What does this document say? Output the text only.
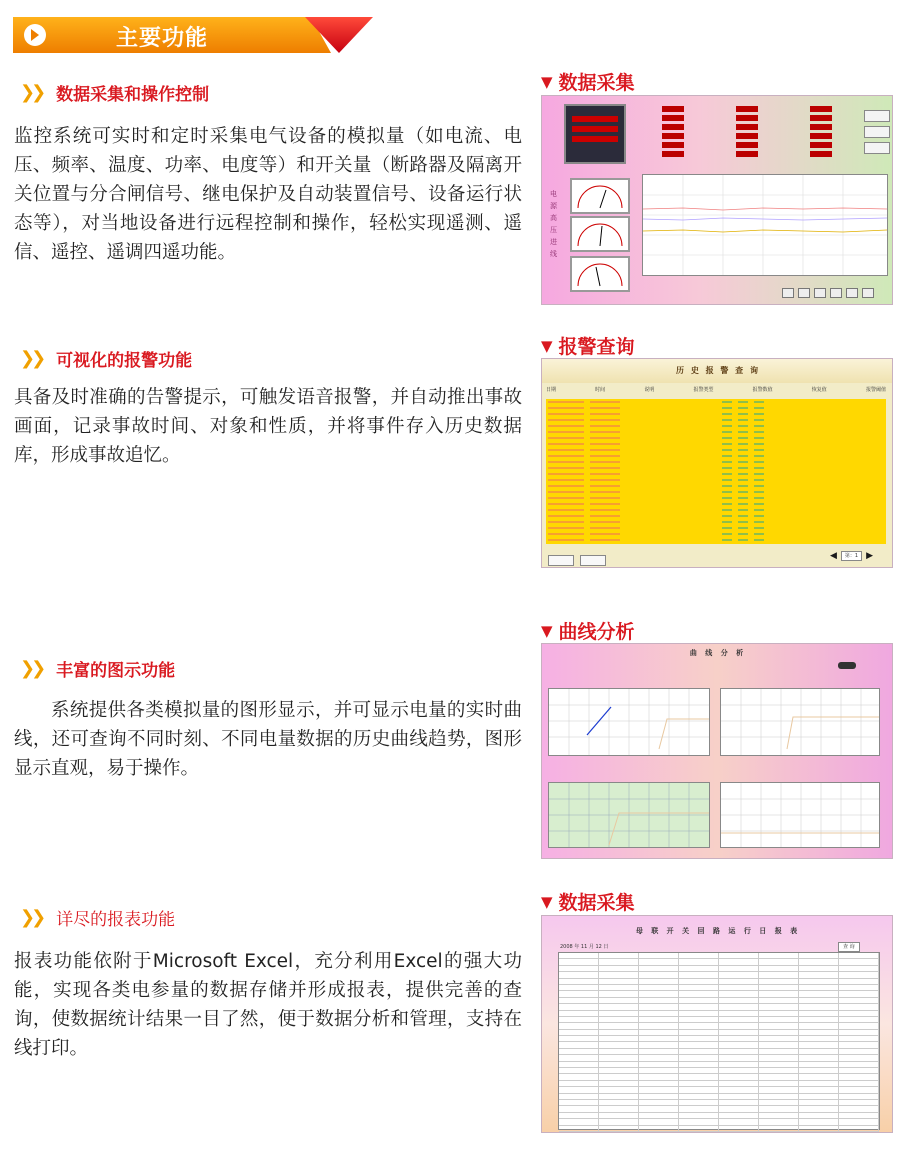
主要功能
❯❯ 数据采集和操作控制
监控系统可实时和定时采集电气设备的模拟量（如电流、电压、频率、温度、功率、电度等）和开关量（断路器及隔离开关位置与分合闸信号、继电保护及自动装置信号、设备运行状态等），对当地设备进行远程控制和操作，轻松实现遥测、遥信、遥控、遥调四遥功能。
❯❯ 可视化的报警功能
具备及时准确的告警提示，可触发语音报警，并自动推出事故画面，记录事故时间、对象和性质，并将事件存入历史数据库，形成事故追忆。
❯❯ 丰富的图示功能
系统提供各类模拟量的图形显示，并可显示电量的实时曲线，还可查询不同时刻、不同电量数据的历史曲线趋势，图形显示直观，易于操作。
❯❯ 详尽的报表功能
报表功能依附于Microsoft Excel，充分利用Excel的强大功能，实现各类电参量的数据存储并形成报表，提供完善的查询，使数据统计结果一目了然，便于数据分析和管理，支持在线打印。
▼ 数据采集
电源高压进线
▼ 报警查询
历 史 报 警 查 询
日期	时间	说明	报警类型	报警数值	恢复值	报警阈值
◀	第：1 ▶
▼ 曲线分析
曲 线 分 析
▼ 数据采集
母 联 开 关 回 路 运 行 日 报 表
2008 年 11 月 12 日	查 询
